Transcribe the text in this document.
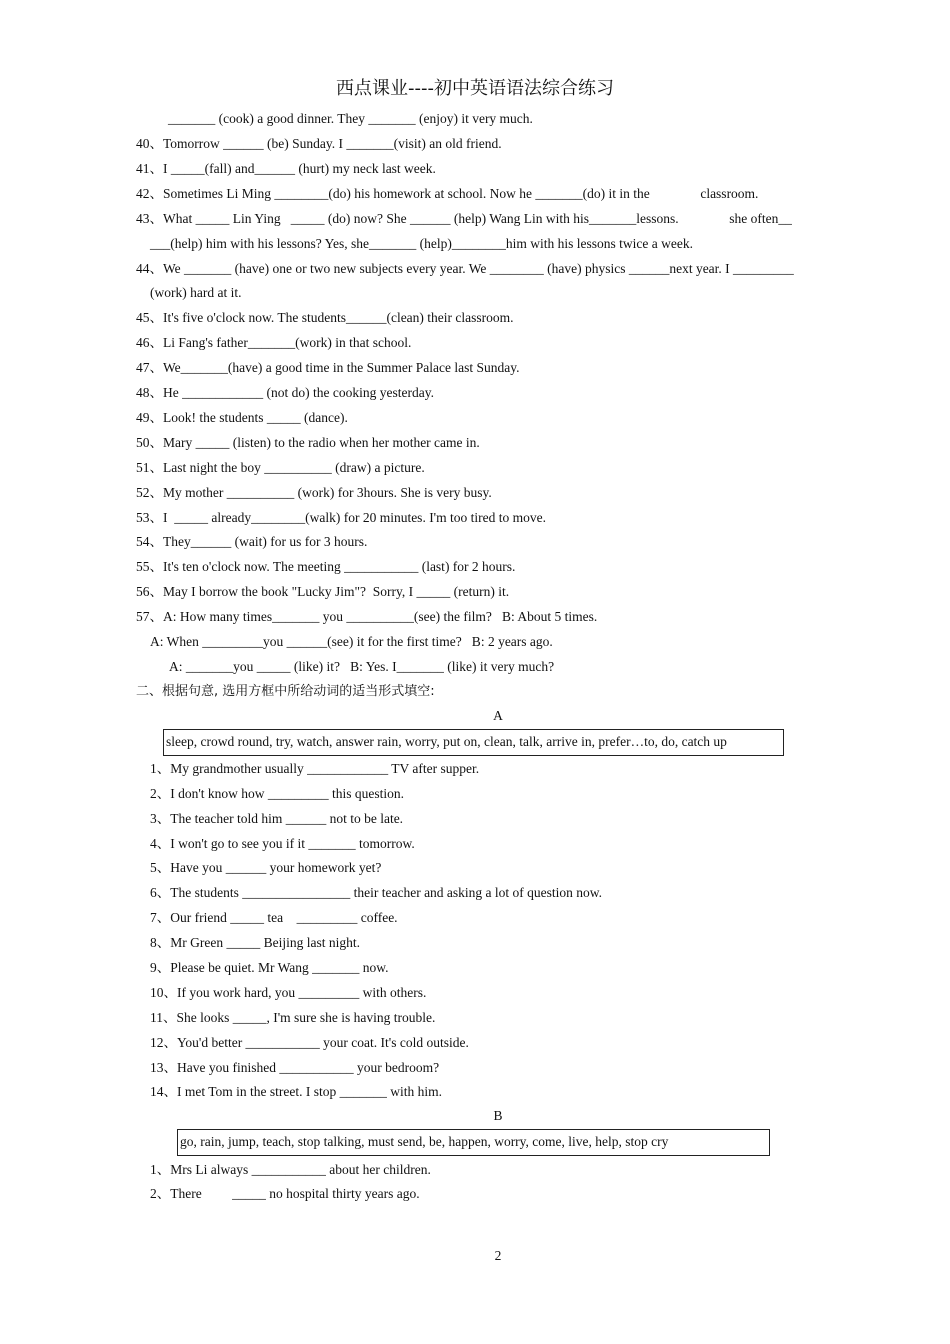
西点课业----初中英语语法综合练习
_______ (cook) a good dinner. They _______ (enjoy) it very much.
40、Tomorrow ______ (be) Sunday. I _______(visit) an old friend.
41、I _____(fall) and______ (hurt) my neck last week.
42、Sometimes Li Ming ________(do) his homework at school. Now he _______(do) it in the               classroom.
43、What _____ Lin Ying   _____ (do) now? She ______ (help) Wang Lin with his_______lessons.               she often__
___(help) him with his lessons? Yes, she_______ (help)________him with his lessons twice a week.
44、We _______ (have) one or two new subjects every year. We ________ (have) physics ______next year. I _________
(work) hard at it.
45、It's five o'clock now. The students______(clean) their classroom.
46、Li Fang's father_______(work) in that school.
47、We_______(have) a good time in the Summer Palace last Sunday.
48、He ____________ (not do) the cooking yesterday.
49、Look! the students _____ (dance).
50、Mary _____ (listen) to the radio when her mother came in.
51、Last night the boy __________ (draw) a picture.
52、My mother __________ (work) for 3hours. She is very busy.
53、I  _____ already________(walk) for 20 minutes. I'm too tired to move.
54、They______ (wait) for us for 3 hours.
55、It's ten o'clock now. The meeting ___________ (last) for 2 hours.
56、May I borrow the book "Lucky Jim"?  Sorry, I _____ (return) it.
57、A: How many times_______ you __________(see) the film?   B: About 5 times.
A: When _________you ______(see) it for the first time?   B: 2 years ago.
A: _______you _____ (like) it?   B: Yes. I_______ (like) it very much?
二、根据句意, 选用方框中所给动词的适当形式填空:
A
sleep, crowd round, try, watch, answer rain, worry, put on, clean, talk, arrive in, prefer…to, do, catch up
1、My grandmother usually ____________ TV after supper.
2、I don't know how _________ this question.
3、The teacher told him ______ not to be late.
4、I won't go to see you if it _______ tomorrow.
5、Have you ______ your homework yet?
6、The students ________________ their teacher and asking a lot of question now.
7、Our friend _____ tea    _________ coffee.
8、Mr Green _____ Beijing last night.
9、Please be quiet. Mr Wang _______ now.
10、If you work hard, you _________ with others.
11、She looks _____, I'm sure she is having trouble.
12、You'd better ___________ your coat. It's cold outside.
13、Have you finished ___________ your bedroom?
14、I met Tom in the street. I stop _______ with him.
B
go, rain, jump, teach, stop talking, must send, be, happen, worry, come, live, help, stop cry
1、Mrs Li always ___________ about her children.
2、There         _____ no hospital thirty years ago.
2
